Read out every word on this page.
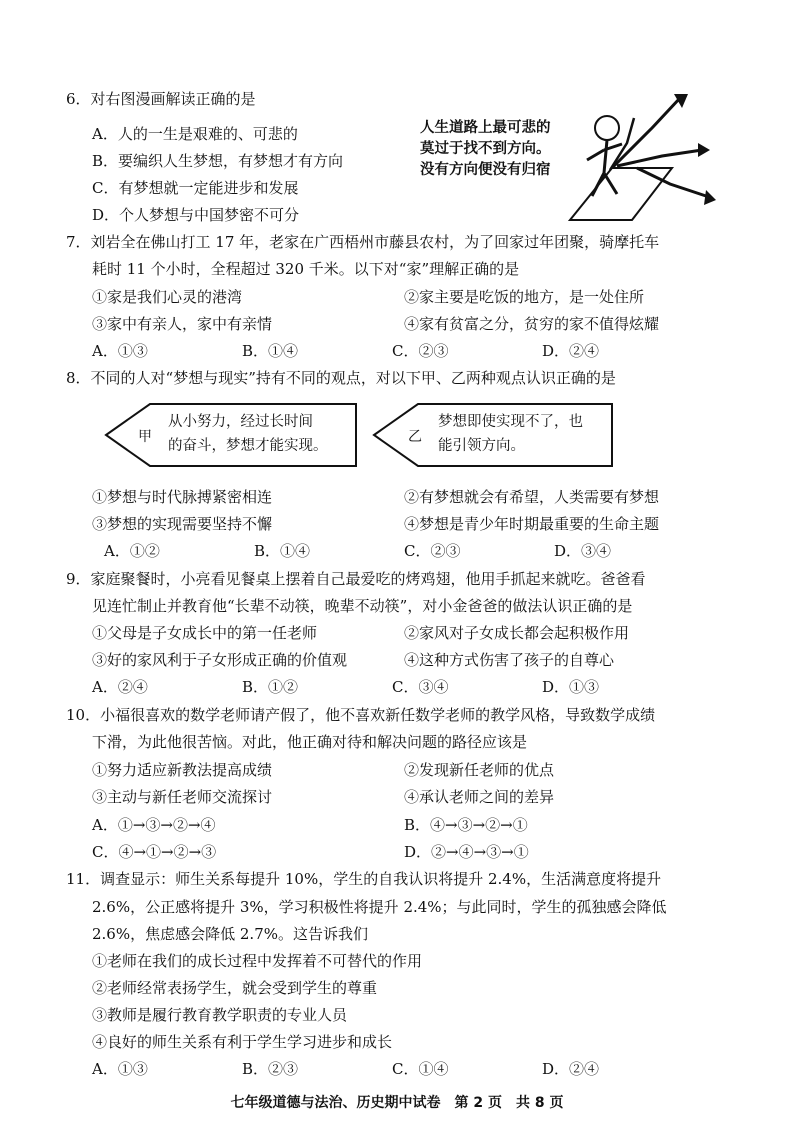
6．对右图漫画解读正确的是
A．人的一生是艰难的、可悲的
B．要编织人生梦想，有梦想才有方向
C．有梦想就一定能进步和发展
D．个人梦想与中国梦密不可分
人生道路上最可悲的
莫过于找不到方向。
没有方向便没有归宿
7．刘岩全在佛山打工 17 年，老家在广西梧州市藤县农村，为了回家过年团聚，骑摩托车
耗时 11 个小时，全程超过 320 千米。以下对“家”理解正确的是
①家是我们心灵的港湾	②家主要是吃饭的地方，是一处住所
③家中有亲人，家中有亲情	④家有贫富之分，贫穷的家不值得炫耀
A．①③	B．①④	C．②③	D．②④
8．不同的人对“梦想与现实”持有不同的观点，对以下甲、乙两种观点认识正确的是
甲
从小努力，经过长时间
的奋斗，梦想才能实现。
乙
梦想即使实现不了，也
能引领方向。
①梦想与时代脉搏紧密相连	②有梦想就会有希望，人类需要有梦想
③梦想的实现需要坚持不懈	④梦想是青少年时期最重要的生命主题
A．①②	B．①④	C．②③	D．③④
9．家庭聚餐时，小亮看见餐桌上摆着自己最爱吃的烤鸡翅，他用手抓起来就吃。爸爸看
见连忙制止并教育他“长辈不动筷，晚辈不动筷”，对小金爸爸的做法认识正确的是
①父母是子女成长中的第一任老师	②家风对子女成长都会起积极作用
③好的家风利于子女形成正确的价值观	④这种方式伤害了孩子的自尊心
A．②④	B．①②	C．③④	D．①③
10．小福很喜欢的数学老师请产假了，他不喜欢新任数学老师的教学风格，导致数学成绩
下滑，为此他很苦恼。对此，他正确对待和解决问题的路径应该是
①努力适应新教法提高成绩	②发现新任老师的优点
③主动与新任老师交流探讨	④承认老师之间的差异
A．①→③→②→④	B．④→③→②→①
C．④→①→②→③	D．②→④→③→①
11．调查显示：师生关系每提升 10%，学生的自我认识将提升 2.4%，生活满意度将提升
2.6%，公正感将提升 3%，学习积极性将提升 2.4%；与此同时，学生的孤独感会降低
2.6%，焦虑感会降低 2.7%。这告诉我们
①老师在我们的成长过程中发挥着不可替代的作用
②老师经常表扬学生，就会受到学生的尊重
③教师是履行教育教学职责的专业人员
④良好的师生关系有利于学生学习进步和成长
A．①③	B．②③	C．①④	D．②④
七年级道德与法治、历史期中试卷　第 2 页　共 8 页
